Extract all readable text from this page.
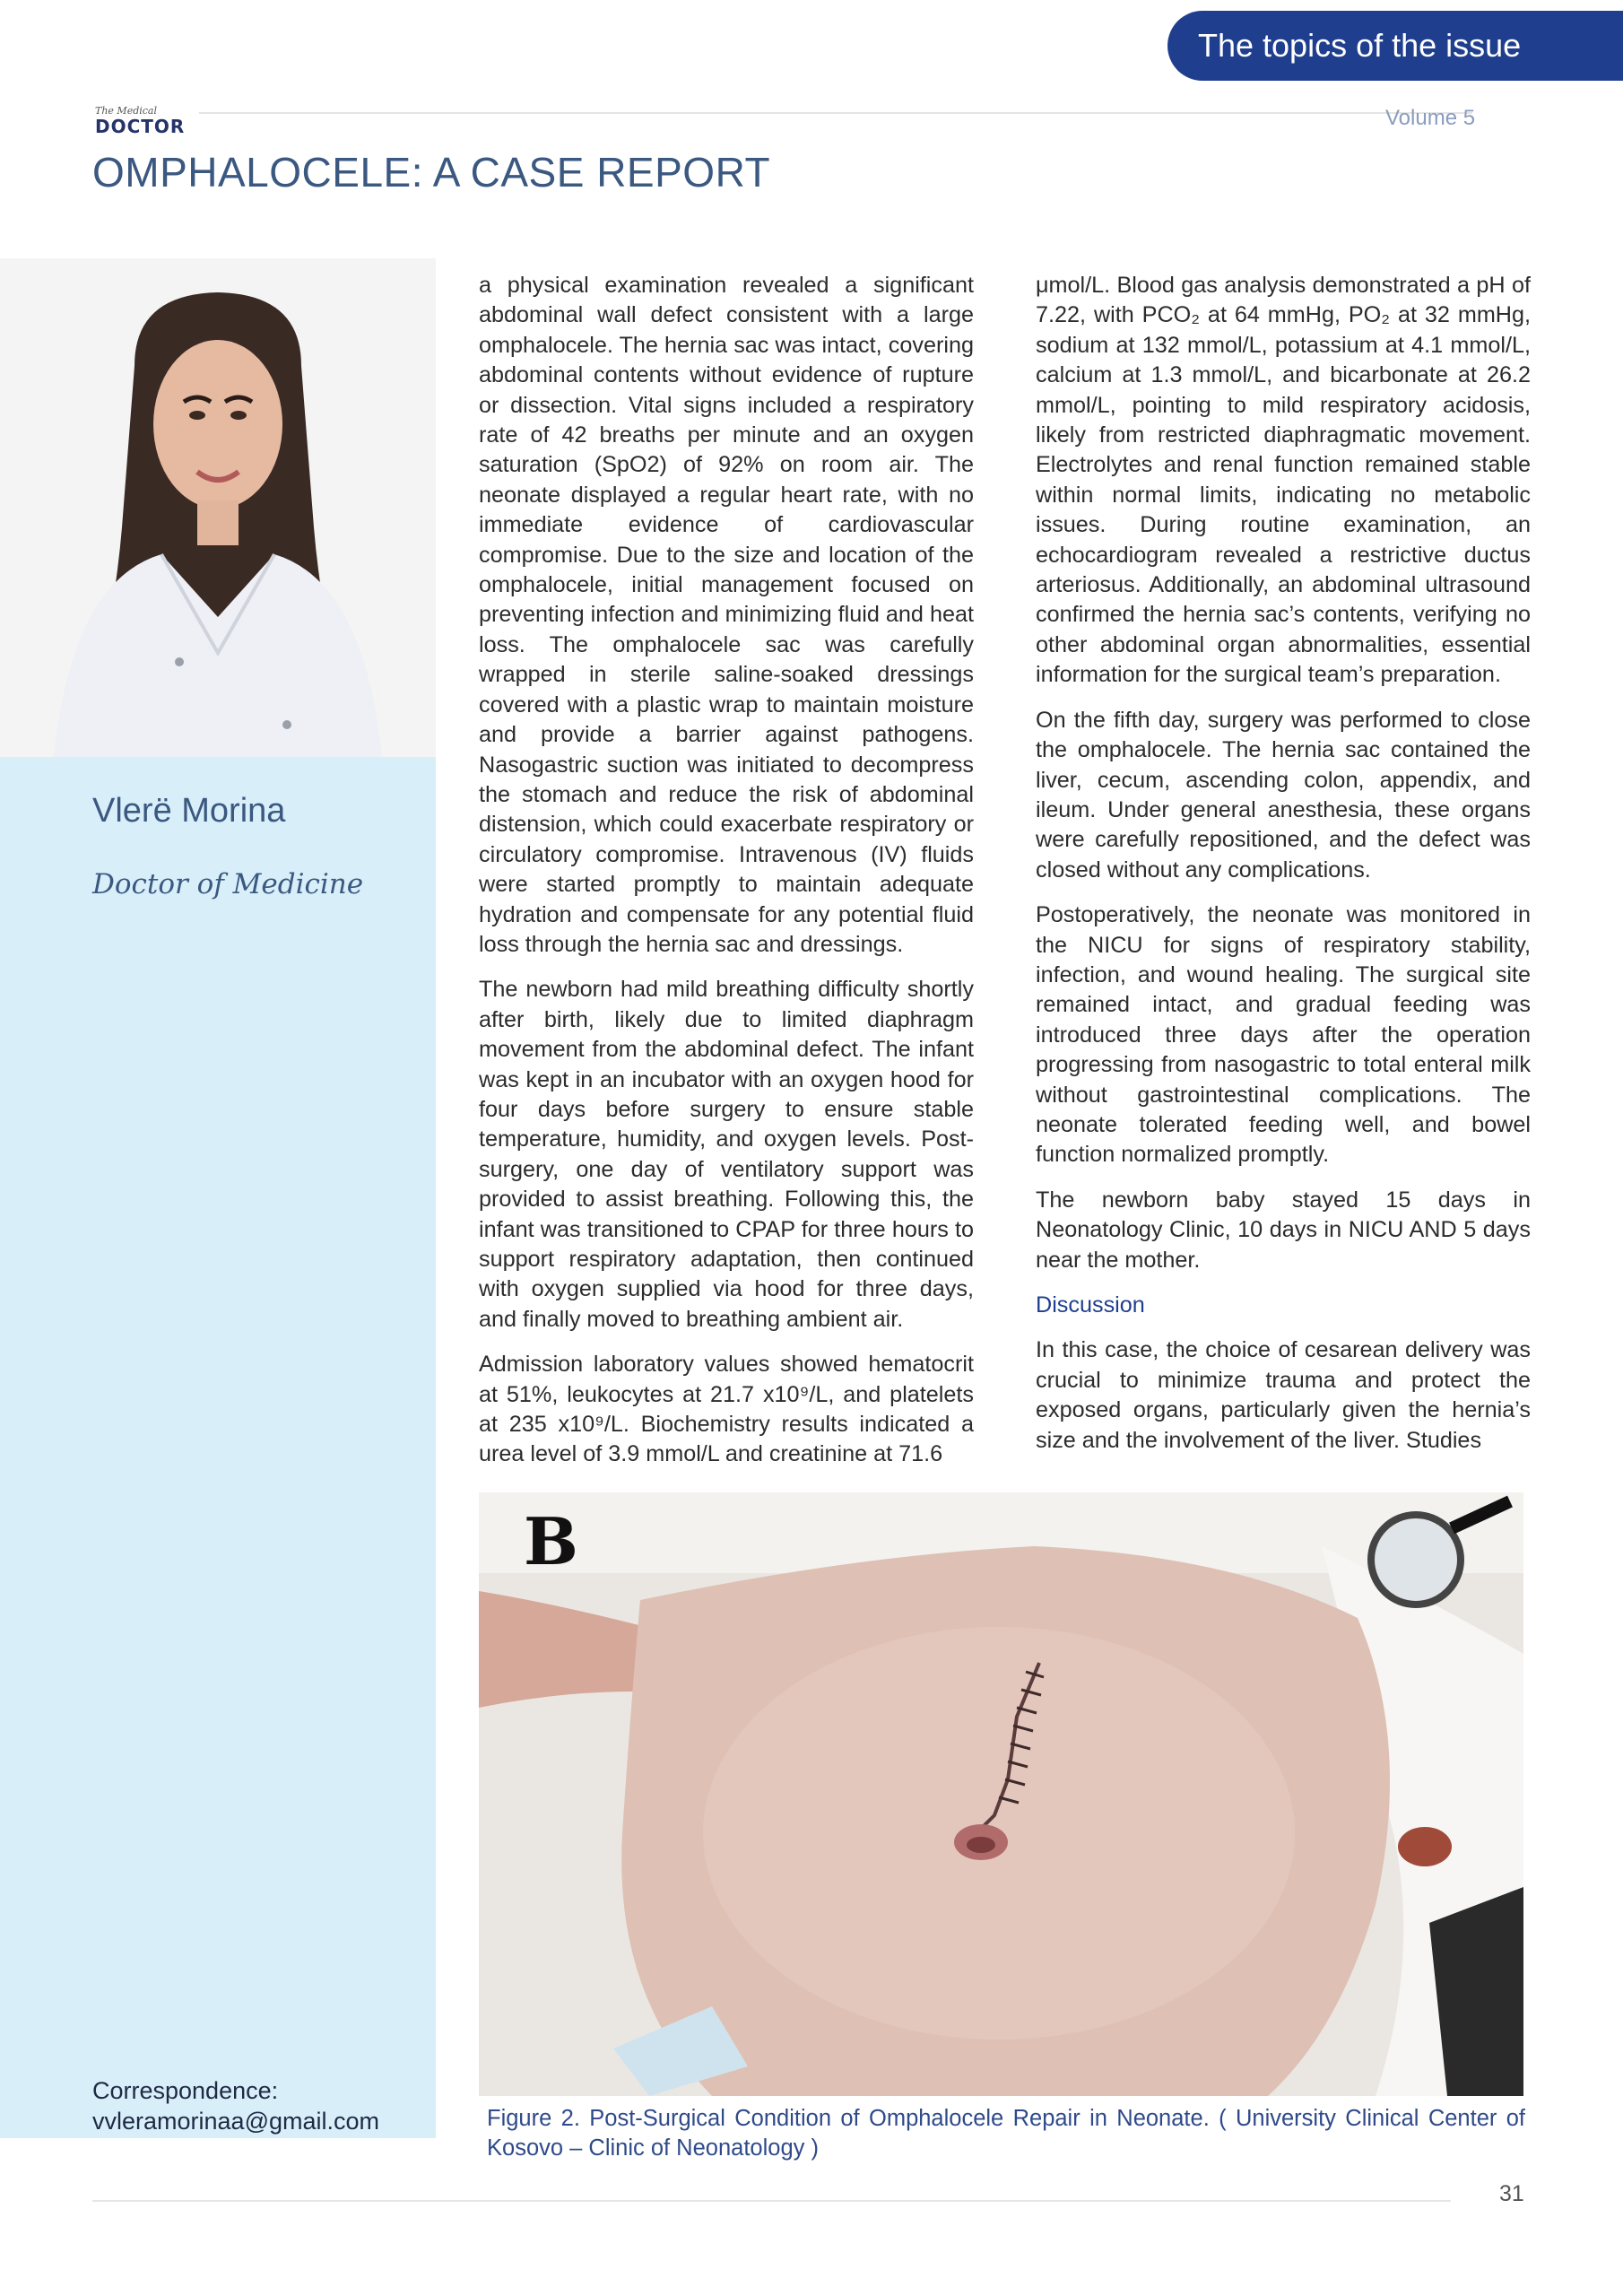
The topics of the issue
The Medical
DOCTOR	Volume 5
OMPHALOCELE: A CASE REPORT
Vlerë Morina
Doctor of Medicine
Correspondence:
vvleramorinaa@gmail.com

a physical examination revealed a significant abdominal wall defect consistent with a large omphalocele. The hernia sac was intact, covering abdominal contents without evidence of rupture or dissection. Vital signs included a respiratory rate of 42 breaths per minute and an oxygen saturation (SpO2) of 92% on room air. The neonate displayed a regular heart rate, with no immediate evidence of cardiovascular compromise. Due to the size and location of the omphalocele, initial management focused on preventing infection and minimizing fluid and heat loss. The omphalocele sac was carefully wrapped in sterile saline-soaked dressings covered with a plastic wrap to maintain moisture and provide a barrier against pathogens. Nasogastric suction was initiated to decompress the stomach and reduce the risk of abdominal distension, which could exacerbate respiratory or circulatory compromise. Intravenous (IV) fluids were started promptly to maintain adequate hydration and compensate for any potential fluid loss through the hernia sac and dressings.

The newborn had mild breathing difficulty shortly after birth, likely due to limited diaphragm movement from the abdominal defect. The infant was kept in an incubator with an oxygen hood for four days before surgery to ensure stable temperature, humidity, and oxygen levels. Post-surgery, one day of ventilatory support was provided to assist breathing. Following this, the infant was transitioned to CPAP for three hours to support respiratory adaptation, then continued with oxygen supplied via hood for three days, and finally moved to breathing ambient air.

Admission laboratory values showed hematocrit at 51%, leukocytes at 21.7 x10⁹/L, and platelets at 235 x10⁹/L. Biochemistry results indicated a urea level of 3.9 mmol/L and creatinine at 71.6

μmol/L. Blood gas analysis demonstrated a pH of 7.22, with PCO₂ at 64 mmHg, PO₂ at 32 mmHg, sodium at 132 mmol/L, potassium at 4.1 mmol/L, calcium at 1.3 mmol/L, and bicarbonate at 26.2 mmol/L, pointing to mild respiratory acidosis, likely from restricted diaphragmatic movement. Electrolytes and renal function remained stable within normal limits, indicating no metabolic issues. During routine examination, an echocardiogram revealed a restrictive ductus arteriosus. Additionally, an abdominal ultrasound confirmed the hernia sac’s contents, verifying no other abdominal organ abnormalities, essential information for the surgical team’s preparation.

On the fifth day, surgery was performed to close the omphalocele. The hernia sac contained the liver, cecum, ascending colon, appendix, and ileum. Under general anesthesia, these organs were carefully repositioned, and the defect was closed without any complications.

Postoperatively, the neonate was monitored in the NICU for signs of respiratory stability, infection, and wound healing. The surgical site remained intact, and gradual feeding was introduced three days after the operation progressing from nasogastric to total enteral milk without gastrointestinal complications. The neonate tolerated feeding well, and bowel function normalized promptly.

The newborn baby stayed 15 days in Neonatology Clinic, 10 days in NICU AND 5 days near the mother.

Discussion

In this case, the choice of cesarean delivery was crucial to minimize trauma and protect the exposed organs, particularly given the hernia’s size and the involvement of the liver. Studies

B
Figure 2. Post-Surgical Condition of Omphalocele Repair in Neonate. ( University Clinical Center of Kosovo – Clinic of Neonatology )
31
